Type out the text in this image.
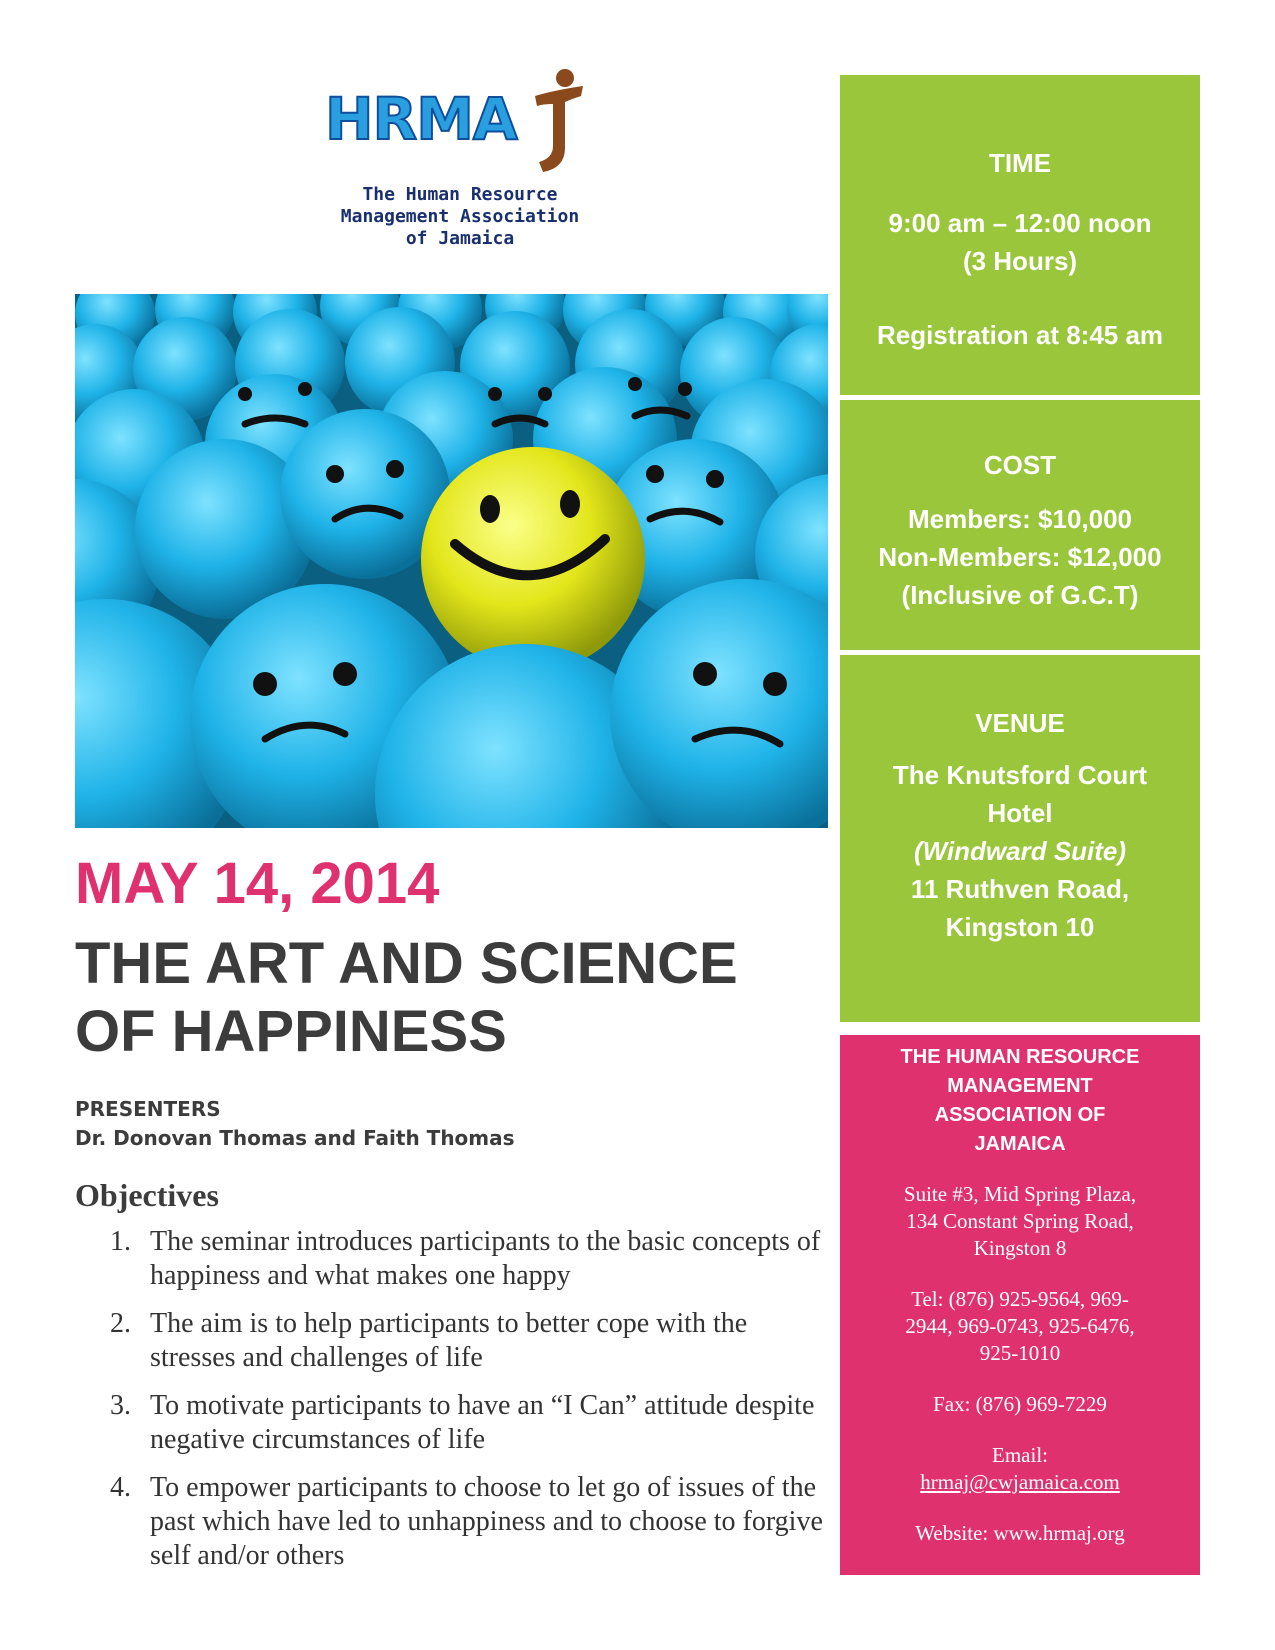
HRMA
The Human Resource
Management Association
of Jamaica
MAY 14, 2014
THE ART AND SCIENCE
OF HAPPINESS
PRESENTERS
Dr. Donovan Thomas and Faith Thomas
Objectives
1. The seminar introduces participants to the basic concepts of happiness and what makes one happy
2. The aim is to help participants to better cope with the stresses and challenges of life
3. To motivate participants to have an “I Can” attitude despite negative circumstances of life
4. To empower participants to choose to let go of issues of the past which have led to unhappiness and to choose to forgive self and/or others
TIME
9:00 am – 12:00 noon
(3 Hours)
Registration at 8:45 am
COST
Members: $10,000
Non-Members: $12,000
(Inclusive of G.C.T)
VENUE
The Knutsford Court
Hotel
(Windward Suite)
11 Ruthven Road,
Kingston 10
THE HUMAN RESOURCE
MANAGEMENT
ASSOCIATION OF
JAMAICA
Suite #3, Mid Spring Plaza,
134 Constant Spring Road,
Kingston 8
Tel: (876) 925-9564, 969-
2944, 969-0743, 925-6476,
925-1010
Fax: (876) 969-7229
Email:
hrmaj@cwjamaica.com
Website: www.hrmaj.org
